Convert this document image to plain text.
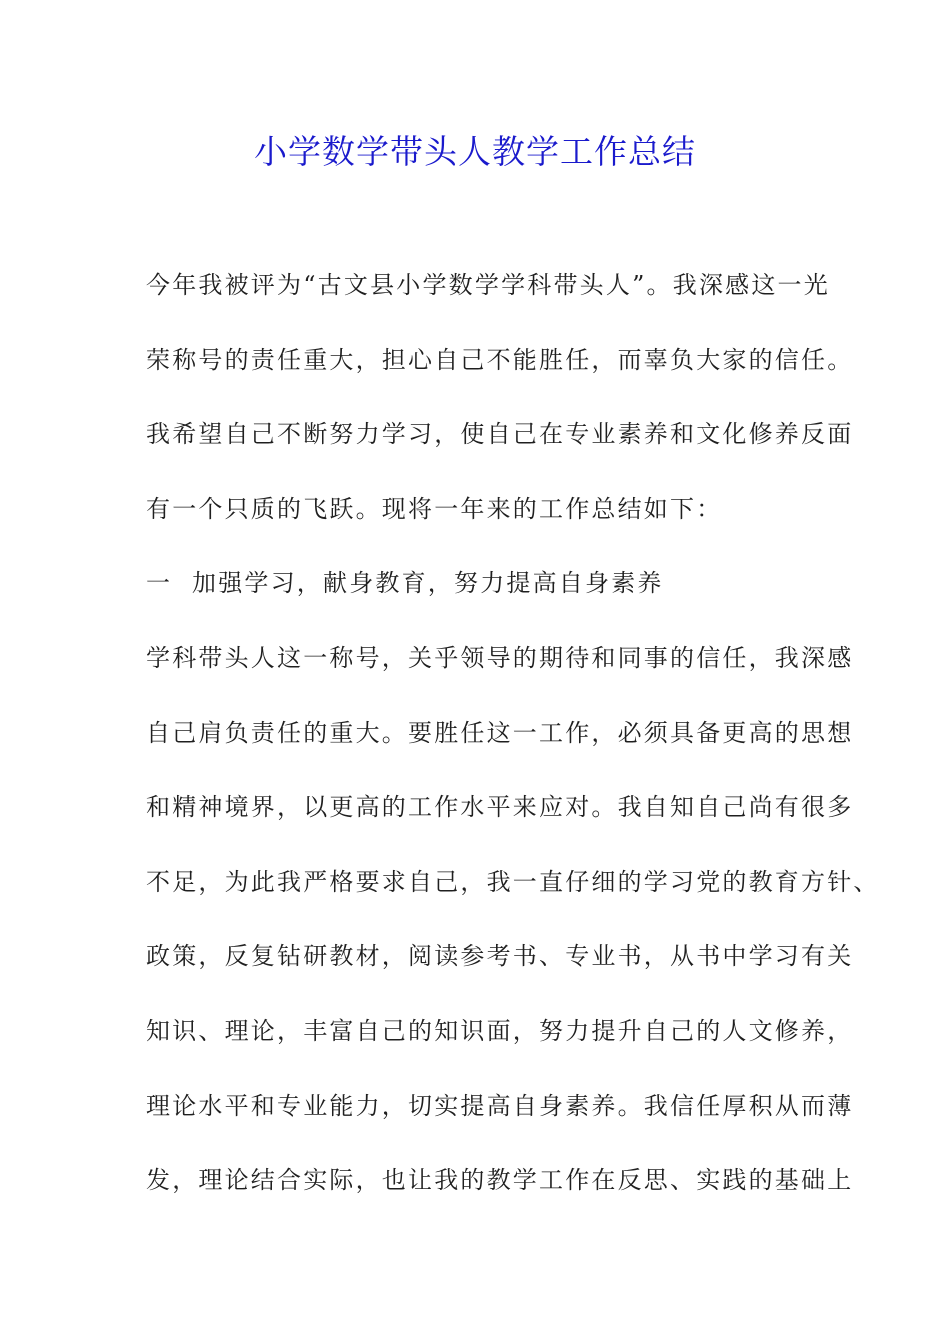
小学数学带头人教学工作总结
今年我被评为“古文县小学数学学科带头人”。我深感这一光
荣称号的责任重大，担心自己不能胜任，而辜负大家的信任。
我希望自己不断努力学习，使自己在专业素养和文化修养反面
有一个只质的飞跃。现将一年来的工作总结如下：
一 加强学习，献身教育，努力提高自身素养
学科带头人这一称号，关乎领导的期待和同事的信任，我深感
自己肩负责任的重大。要胜任这一工作，必须具备更高的思想
和精神境界，以更高的工作水平来应对。我自知自己尚有很多
不足，为此我严格要求自己，我一直仔细的学习党的教育方针、
政策，反复钻研教材，阅读参考书、专业书，从书中学习有关
知识、理论，丰富自己的知识面，努力提升自己的人文修养，
理论水平和专业能力，切实提高自身素养。我信任厚积从而薄
发，理论结合实际，也让我的教学工作在反思、实践的基础上
